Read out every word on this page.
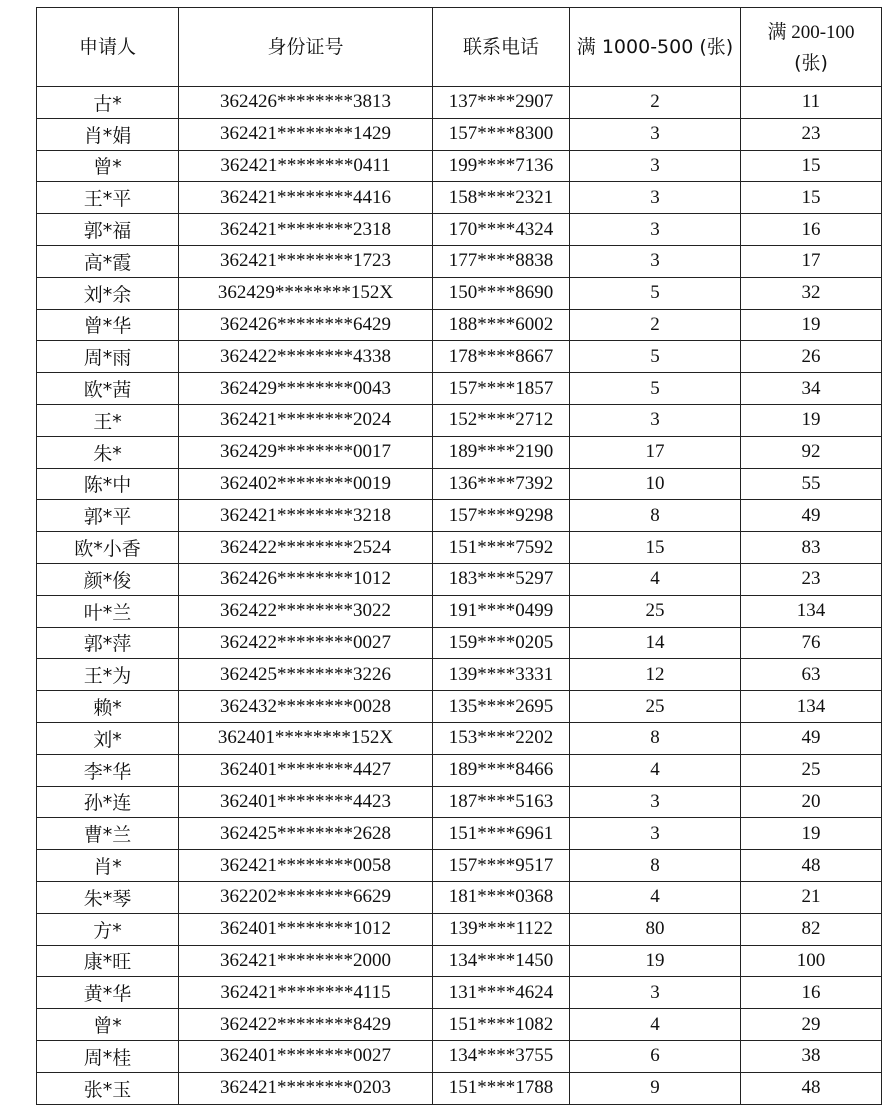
申请人	身份证号	联系电话	满 1000-500 (张)	满 200-100
(张)
古*	362426********3813	137****2907	2	11
肖*娟	362421********1429	157****8300	3	23
曾*	362421********0411	199****7136	3	15
王*平	362421********4416	158****2321	3	15
郭*福	362421********2318	170****4324	3	16
高*霞	362421********1723	177****8838	3	17
刘*余	362429********152X	150****8690	5	32
曾*华	362426********6429	188****6002	2	19
周*雨	362422********4338	178****8667	5	26
欧*茜	362429********0043	157****1857	5	34
王*	362421********2024	152****2712	3	19
朱*	362429********0017	189****2190	17	92
陈*中	362402********0019	136****7392	10	55
郭*平	362421********3218	157****9298	8	49
欧*小香	362422********2524	151****7592	15	83
颜*俊	362426********1012	183****5297	4	23
叶*兰	362422********3022	191****0499	25	134
郭*萍	362422********0027	159****0205	14	76
王*为	362425********3226	139****3331	12	63
赖*	362432********0028	135****2695	25	134
刘*	362401********152X	153****2202	8	49
李*华	362401********4427	189****8466	4	25
孙*连	362401********4423	187****5163	3	20
曹*兰	362425********2628	151****6961	3	19
肖*	362421********0058	157****9517	8	48
朱*琴	362202********6629	181****0368	4	21
方*	362401********1012	139****1122	80	82
康*旺	362421********2000	134****1450	19	100
黄*华	362421********4115	131****4624	3	16
曾*	362422********8429	151****1082	4	29
周*桂	362401********0027	134****3755	6	38
张*玉	362421********0203	151****1788	9	48
